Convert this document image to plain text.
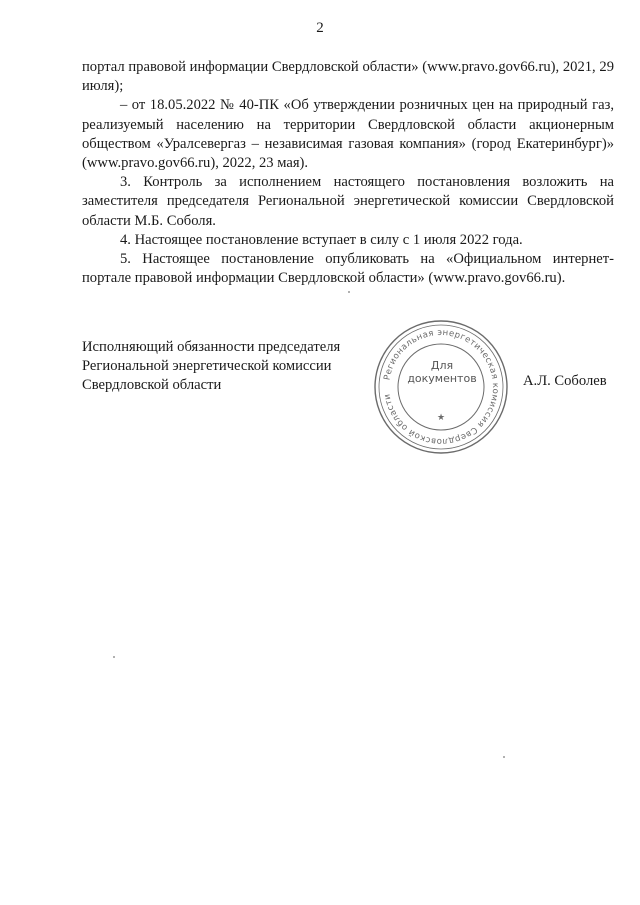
2

портал правовой информации Свердловской области» (www.pravo.gov66.ru), 2021, 29 июля);

– от 18.05.2022 № 40-ПК «Об утверждении розничных цен на природный газ, реализуемый населению на территории Свердловской области акционерным обществом «Уралсевергаз – независимая газовая компания» (город Екатеринбург)» (www.pravo.gov66.ru), 2022, 23 мая).

3. Контроль за исполнением настоящего постановления возложить на заместителя председателя Региональной энергетической комиссии Свердловской области М.Б. Соболя.

4. Настоящее постановление вступает в силу с 1 июля 2022 года.

5. Настоящее постановление опубликовать на «Официальном интернет-портале правовой информации Свердловской области» (www.pravo.gov66.ru).

Исполняющий обязанности председателя
Региональной энергетической комиссии
Свердловской области
Региональная энергетическая комиссия Свердловской области
★
Для
документов	А.Л. Соболев
